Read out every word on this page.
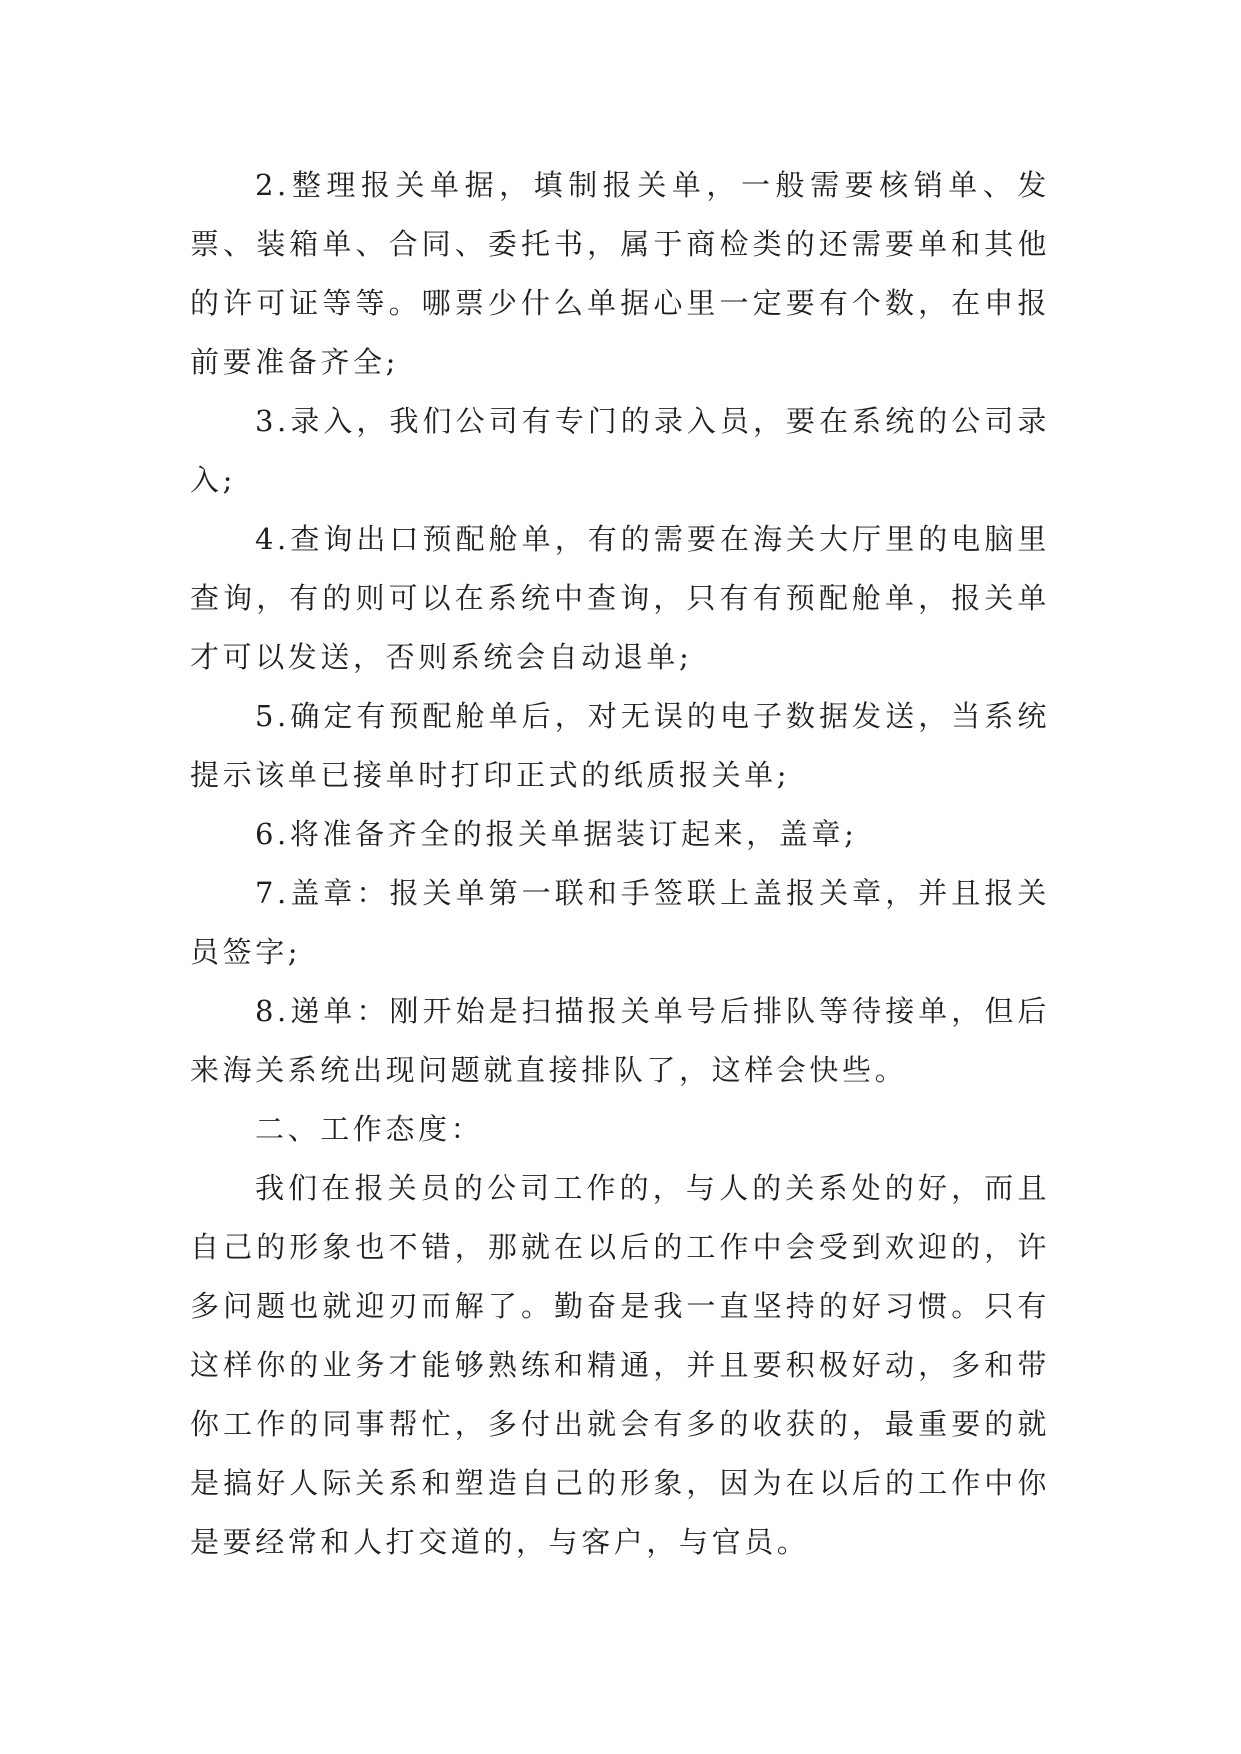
2.整理报关单据，填制报关单，一般需要核销单、发票、装箱单、合同、委托书，属于商检类的还需要单和其他的许可证等等。哪票少什么单据心里一定要有个数，在申报前要准备齐全;

3.录入，我们公司有专门的录入员，要在系统的公司录入;

4.查询出口预配舱单，有的需要在海关大厅里的电脑里查询，有的则可以在系统中查询，只有有预配舱单，报关单才可以发送，否则系统会自动退单;

5.确定有预配舱单后，对无误的电子数据发送，当系统提示该单已接单时打印正式的纸质报关单;

6.将准备齐全的报关单据装订起来，盖章;

7.盖章：报关单第一联和手签联上盖报关章，并且报关员签字;

8.递单：刚开始是扫描报关单号后排队等待接单，但后来海关系统出现问题就直接排队了，这样会快些。

二、工作态度：

我们在报关员的公司工作的，与人的关系处的好，而且自己的形象也不错，那就在以后的工作中会受到欢迎的，许多问题也就迎刃而解了。勤奋是我一直坚持的好习惯。只有这样你的业务才能够熟练和精通，并且要积极好动，多和带你工作的同事帮忙，多付出就会有多的收获的，最重要的就是搞好人际关系和塑造自己的形象，因为在以后的工作中你是要经常和人打交道的，与客户，与官员。
